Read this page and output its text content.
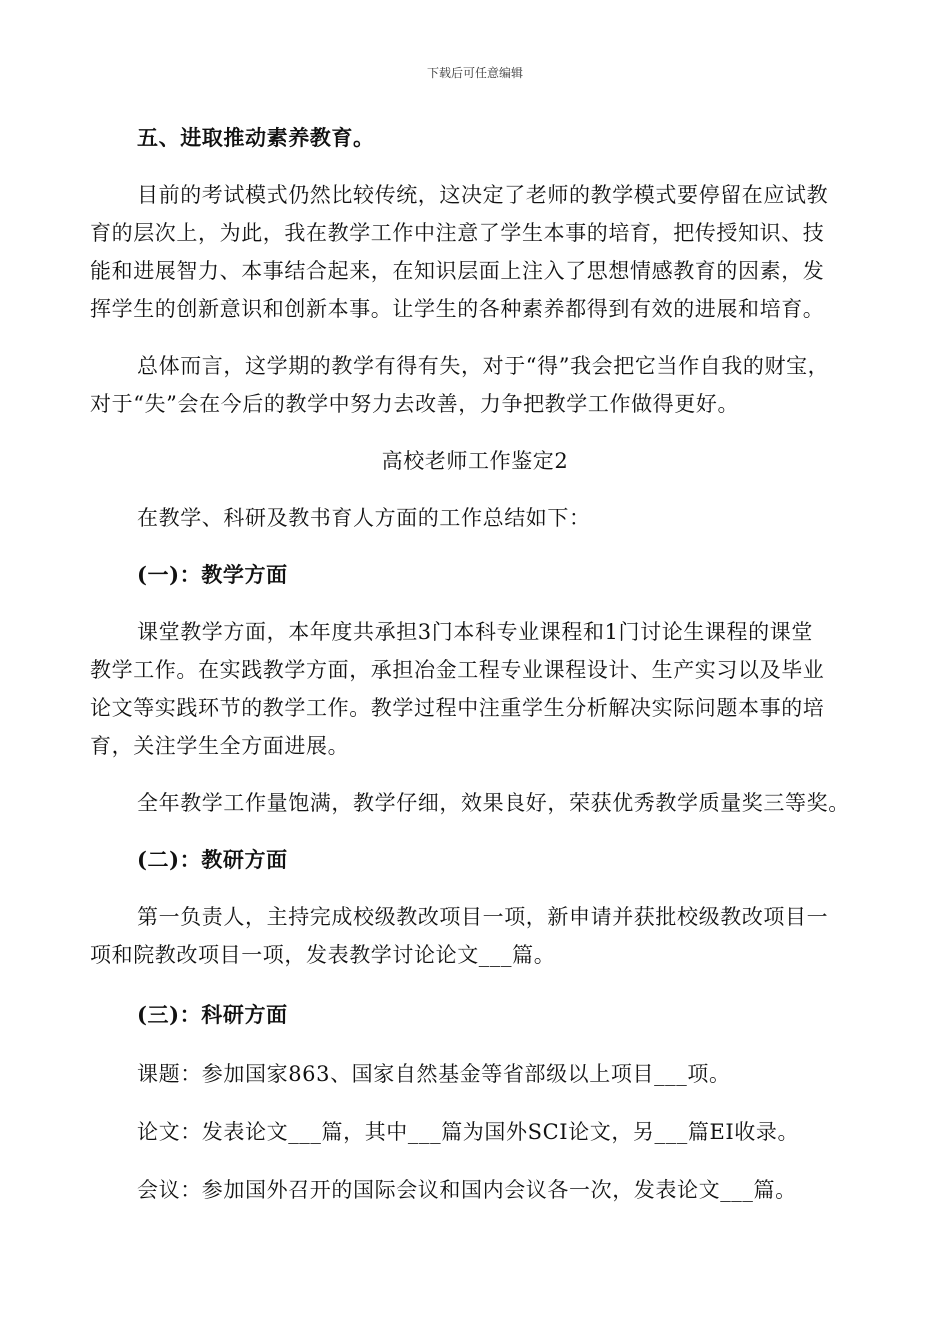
下载后可任意编辑
五、进取推动素养教育。
目前的考试模式仍然比较传统，这决定了老师的教学模式要停留在应试教
育的层次上，为此，我在教学工作中注意了学生本事的培育，把传授知识、技
能和进展智力、本事结合起来，在知识层面上注入了思想情感教育的因素，发
挥学生的创新意识和创新本事。让学生的各种素养都得到有效的进展和培育。
总体而言，这学期的教学有得有失，对于“得”我会把它当作自我的财宝，
对于“失”会在今后的教学中努力去改善，力争把教学工作做得更好。
高校老师工作鉴定2
在教学、科研及教书育人方面的工作总结如下：
(一)：教学方面
课堂教学方面，本年度共承担3门本科专业课程和1门讨论生课程的课堂
教学工作。在实践教学方面，承担冶金工程专业课程设计、生产实习以及毕业
论文等实践环节的教学工作。教学过程中注重学生分析解决实际问题本事的培
育，关注学生全方面进展。
全年教学工作量饱满，教学仔细，效果良好，荣获优秀教学质量奖三等奖。
(二)：教研方面
第一负责人，主持完成校级教改项目一项，新申请并获批校级教改项目一
项和院教改项目一项，发表教学讨论论文___篇。
(三)：科研方面
课题：参加国家863、国家自然基金等省部级以上项目___项。
论文：发表论文___篇，其中___篇为国外SCI论文，另___篇EI收录。
会议：参加国外召开的国际会议和国内会议各一次，发表论文___篇。
